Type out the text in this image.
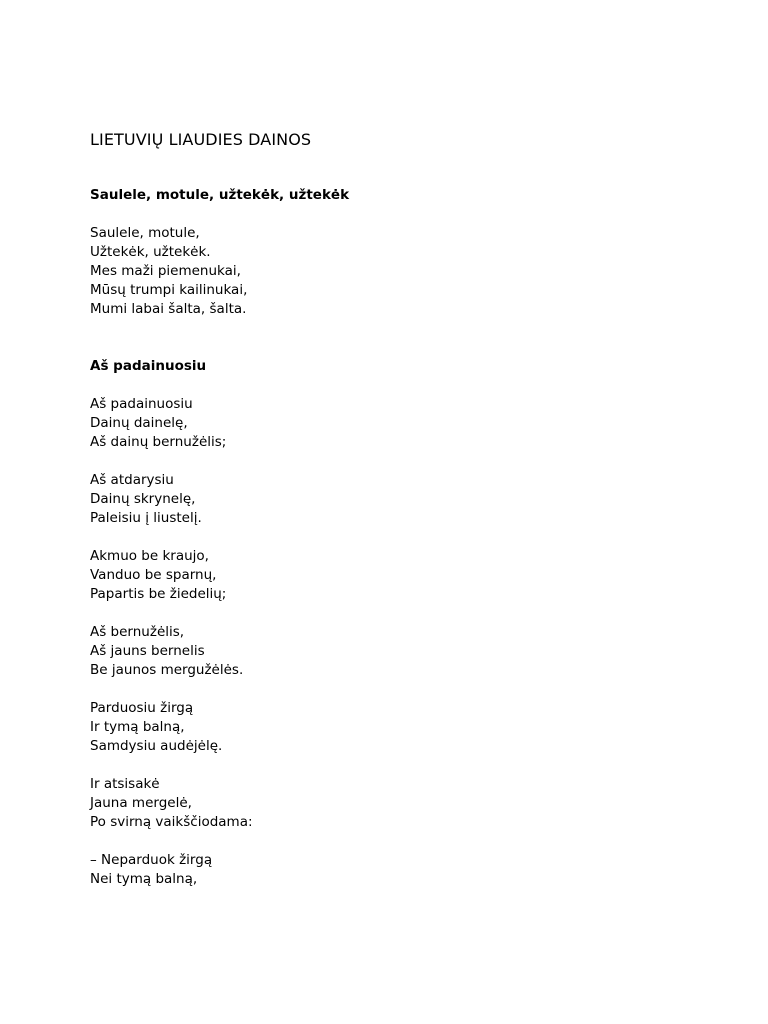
LIETUVIŲ LIAUDIES DAINOS
Saulele, motule, užtekėk, užtekėk
Saulele, motule,
Užtekėk, užtekėk.
Mes maži piemenukai,
Mūsų trumpi kailinukai,
Mumi labai šalta, šalta.
Aš padainuosiu
Aš padainuosiu
Dainų dainelę,
Aš dainų bernužėlis;
Aš atdarysiu
Dainų skrynelę,
Paleisiu į liustelį.
Akmuo be kraujo,
Vanduo be sparnų,
Papartis be žiedelių;
Aš bernužėlis,
Aš jauns bernelis
Be jaunos mergužėlės.
Parduosiu žirgą
Ir tymą balną,
Samdysiu audėjėlę.
Ir atsisakė
Jauna mergelė,
Po svirną vaikščiodama:
– Neparduok žirgą
Nei tymą balną,
